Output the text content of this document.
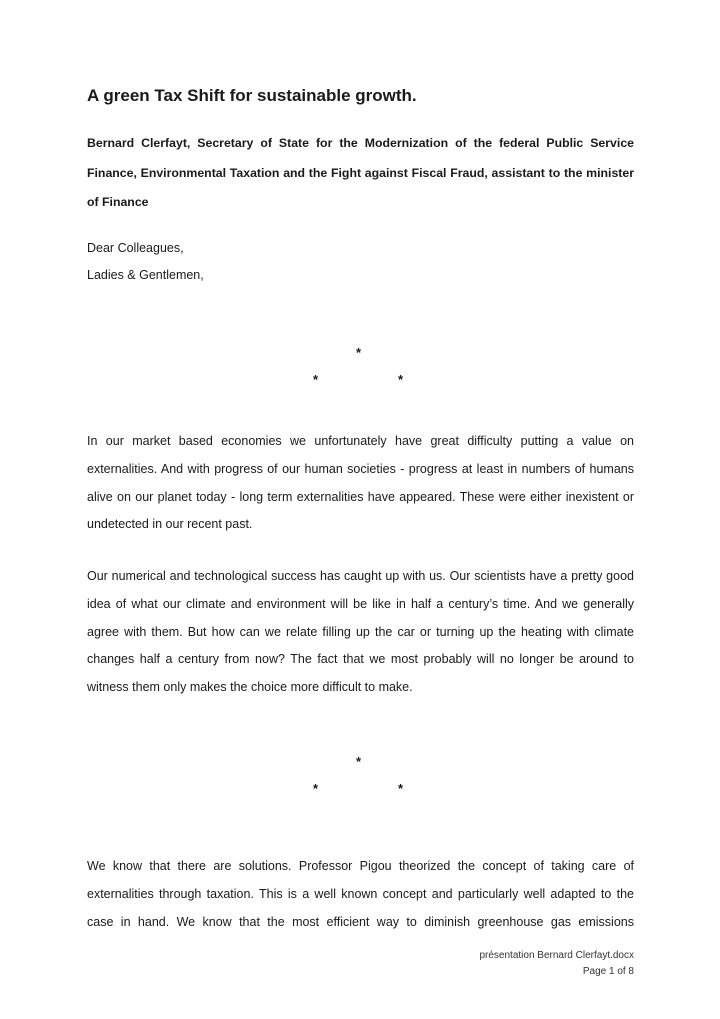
A green Tax Shift for sustainable growth.
Bernard Clerfayt, Secretary of State for the Modernization of the federal Public Service Finance, Environmental Taxation and the Fight against Fiscal Fraud, assistant to the minister of Finance
Dear Colleagues,
Ladies & Gentlemen,
*
*	*
In our market based economies we unfortunately have great difficulty putting a value on externalities. And with progress of our human societies - progress at least in numbers of humans alive on our planet today - long term externalities have appeared. These were either inexistent or undetected in our recent past.
Our numerical and technological success has caught up with us. Our scientists have a pretty good idea of what our climate and environment will be like in half a century’s time. And we generally agree with them. But how can we relate filling up the car or turning up the heating with climate changes half a century from now? The fact that we most probably will no longer be around to witness them only makes the choice more difficult to make.
*
*	*
We know that there are solutions. Professor Pigou theorized the concept of taking care of externalities through taxation. This is a well known concept and particularly well adapted to the case in hand. We know that the most efficient way to diminish greenhouse gas emissions
présentation Bernard Clerfayt.docx
Page 1 of 8
